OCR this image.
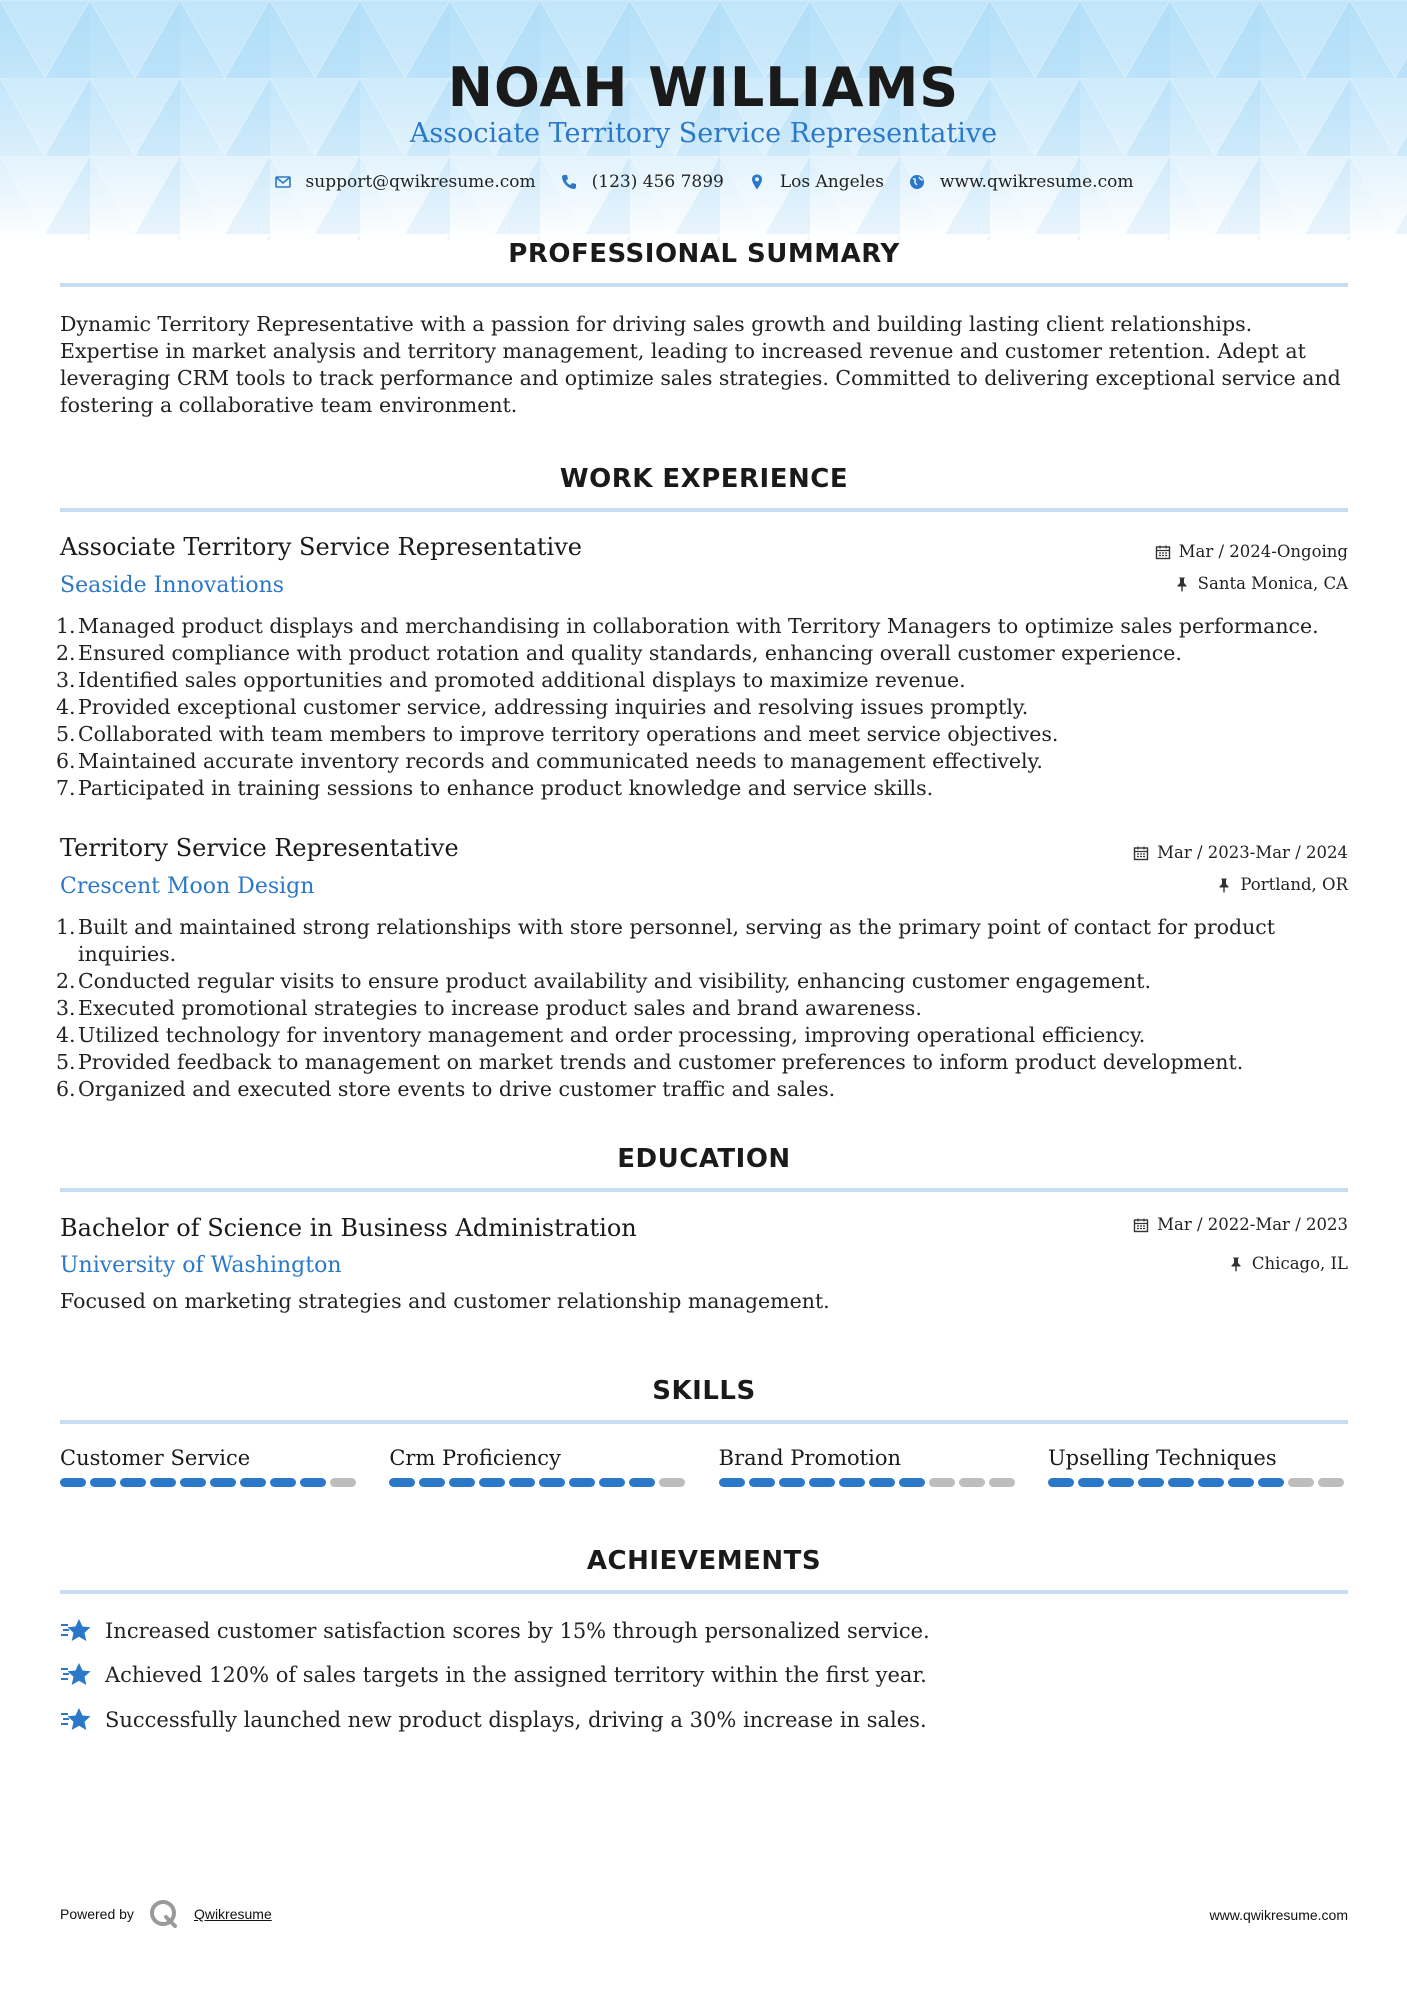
NOAH WILLIAMS
Associate Territory Service Representative
support@qwikresume.com	(123) 456 7899	Los Angeles	www.qwikresume.com
PROFESSIONAL SUMMARY
Dynamic Territory Representative with a passion for driving sales growth and building lasting client relationships. Expertise in market analysis and territory management, leading to increased revenue and customer retention. Adept at leveraging CRM tools to track performance and optimize sales strategies. Committed to delivering exceptional service and fostering a collaborative team environment.
WORK EXPERIENCE
Associate Territory Service Representative
Seaside Innovations
Mar / 2024-Ongoing
Santa Monica, CA
1. Managed product displays and merchandising in collaboration with Territory Managers to optimize sales performance.
2. Ensured compliance with product rotation and quality standards, enhancing overall customer experience.
3. Identified sales opportunities and promoted additional displays to maximize revenue.
4. Provided exceptional customer service, addressing inquiries and resolving issues promptly.
5. Collaborated with team members to improve territory operations and meet service objectives.
6. Maintained accurate inventory records and communicated needs to management effectively.
7. Participated in training sessions to enhance product knowledge and service skills.
Territory Service Representative
Crescent Moon Design
Mar / 2023-Mar / 2024
Portland, OR
1. Built and maintained strong relationships with store personnel, serving as the primary point of contact for product inquiries.
2. Conducted regular visits to ensure product availability and visibility, enhancing customer engagement.
3. Executed promotional strategies to increase product sales and brand awareness.
4. Utilized technology for inventory management and order processing, improving operational efficiency.
5. Provided feedback to management on market trends and customer preferences to inform product development.
6. Organized and executed store events to drive customer traffic and sales.
EDUCATION
Bachelor of Science in Business Administration
University of Washington
Mar / 2022-Mar / 2023
Chicago, IL
Focused on marketing strategies and customer relationship management.
SKILLS
Customer Service	Crm Proficiency	Brand Promotion	Upselling Techniques
ACHIEVEMENTS
Increased customer satisfaction scores by 15% through personalized service.
Achieved 120% of sales targets in the assigned territory within the first year.
Successfully launched new product displays, driving a 30% increase in sales.
Powered by	Qwikresume	www.qwikresume.com
